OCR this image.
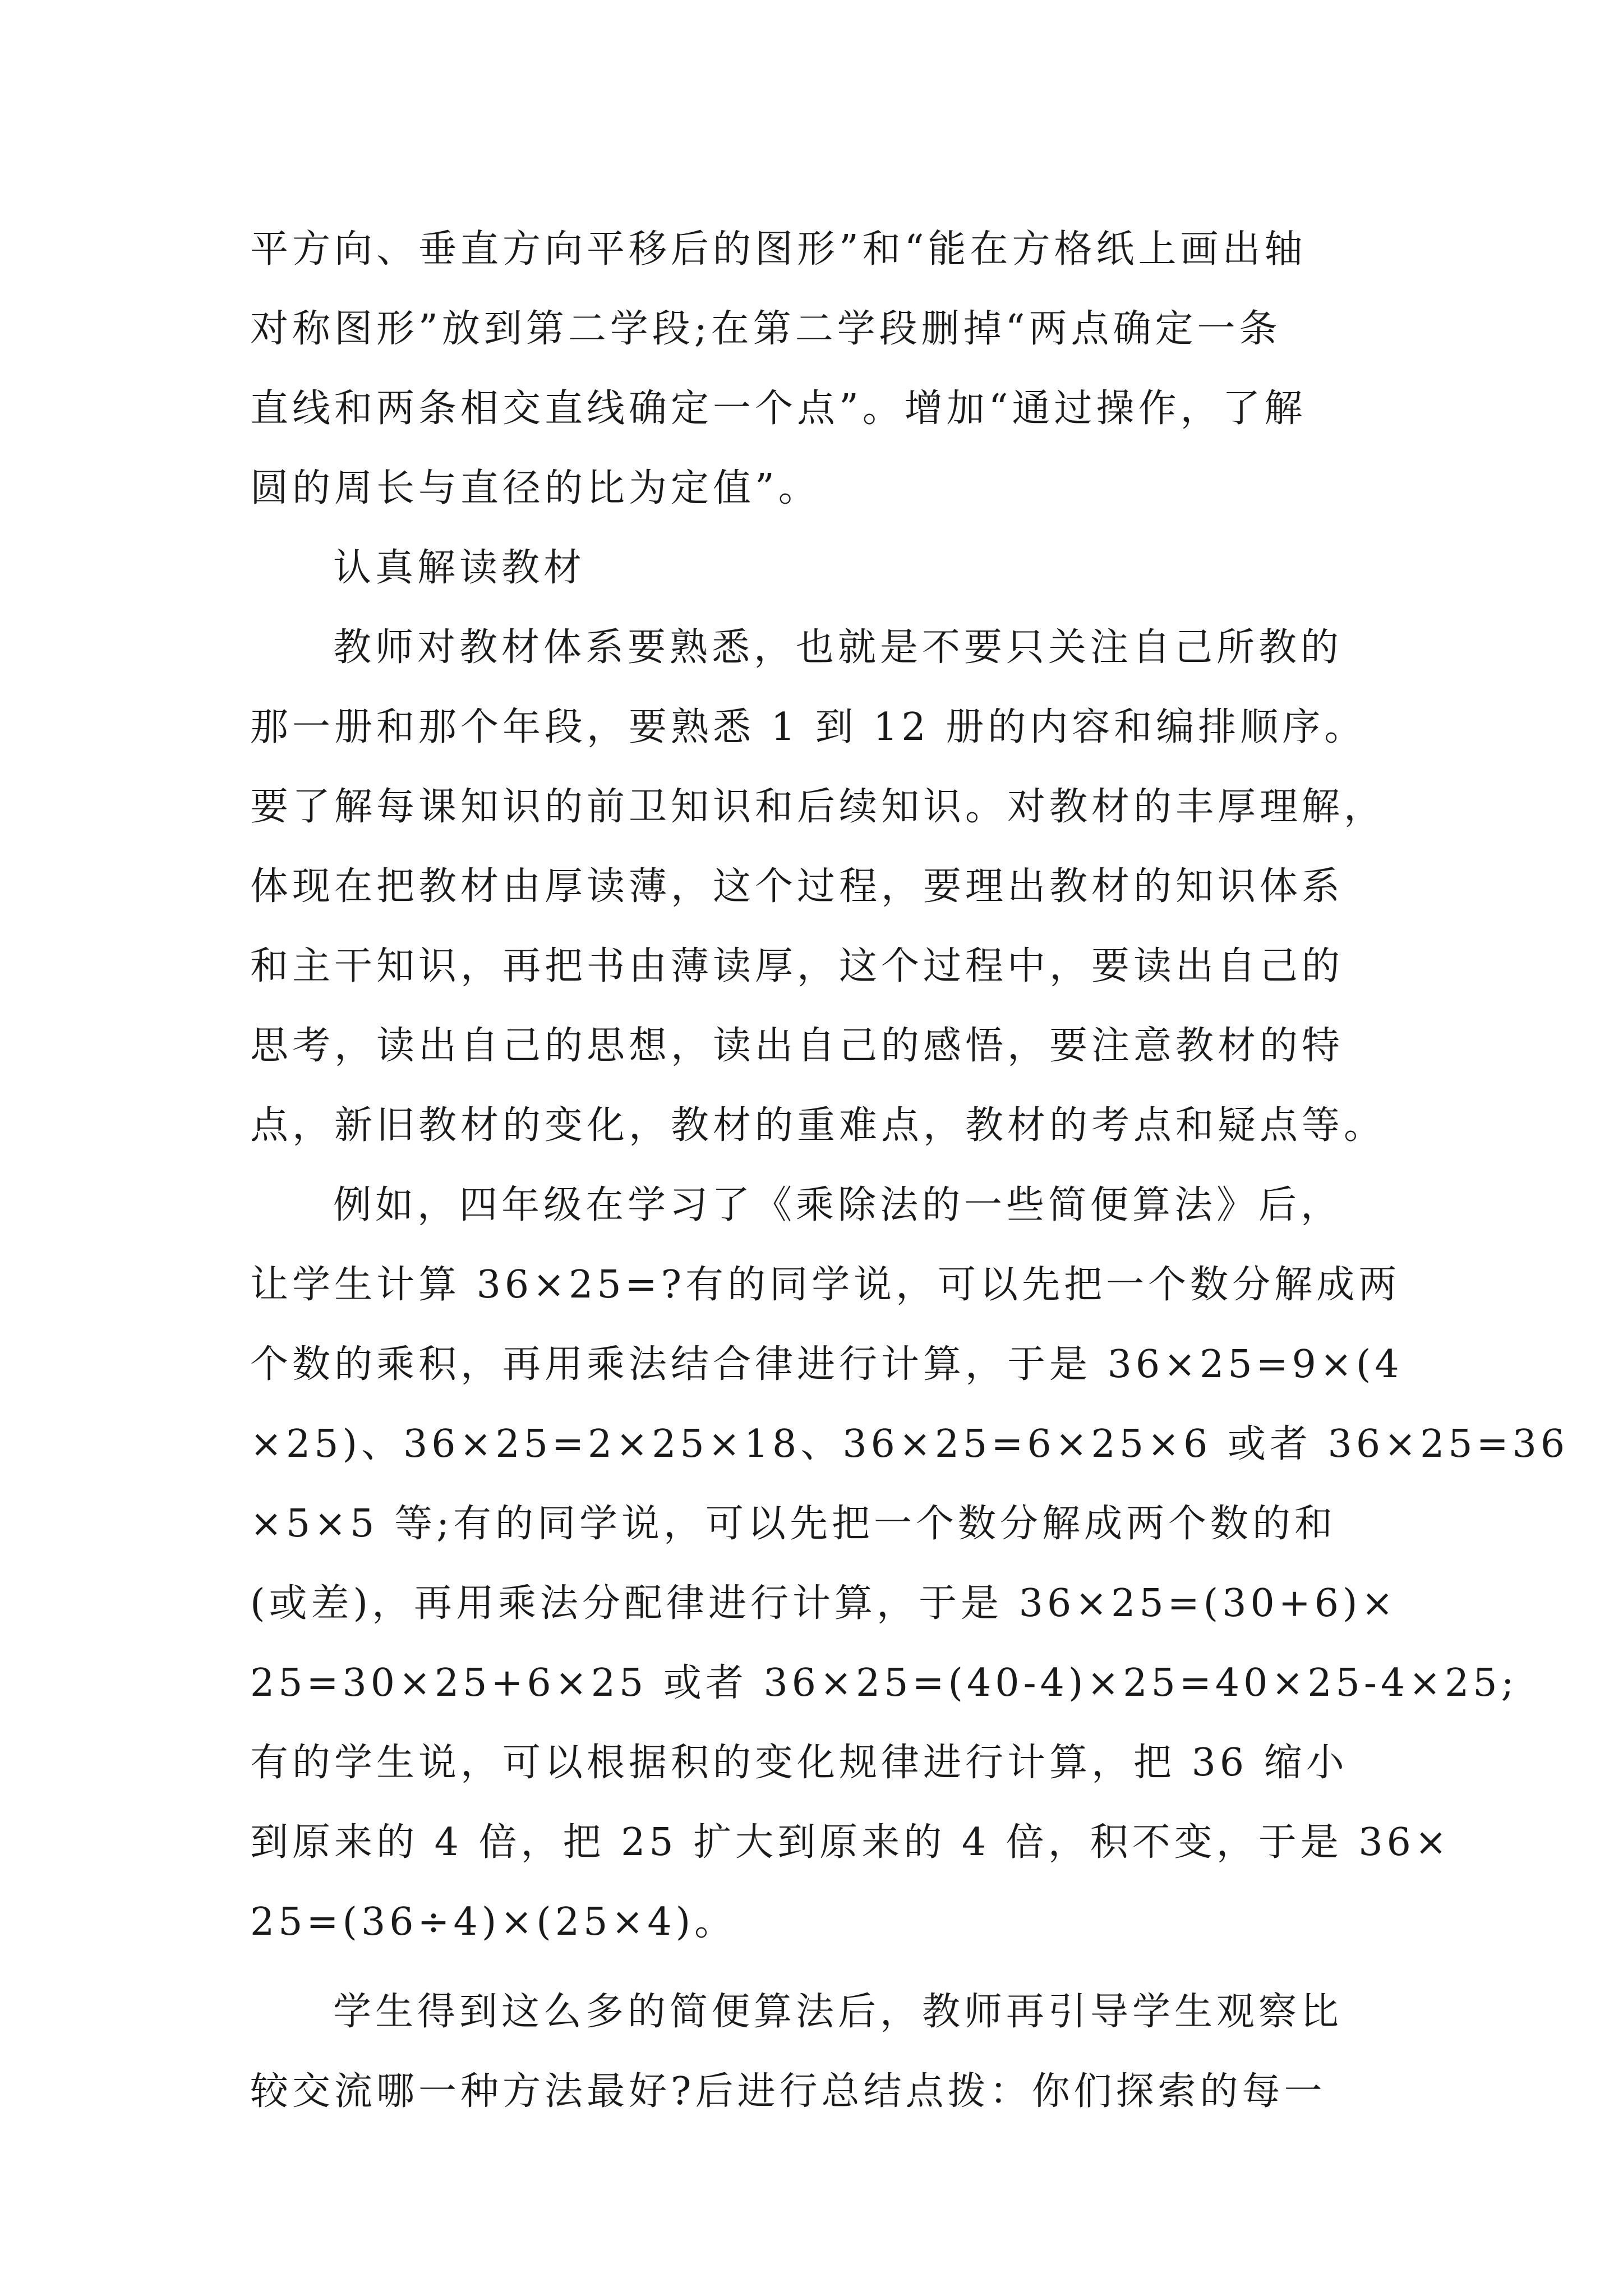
平方向、垂直方向平移后的图形”和“能在方格纸上画出轴
对称图形”放到第二学段;在第二学段删掉“两点确定一条
直线和两条相交直线确定一个点”。增加“通过操作，了解
圆的周长与直径的比为定值”。
认真解读教材
教师对教材体系要熟悉，也就是不要只关注自己所教的
那一册和那个年段，要熟悉 1 到 12 册的内容和编排顺序。
要了解每课知识的前卫知识和后续知识。对教材的丰厚理解，
体现在把教材由厚读薄，这个过程，要理出教材的知识体系
和主干知识，再把书由薄读厚，这个过程中，要读出自己的
思考，读出自己的思想，读出自己的感悟，要注意教材的特
点，新旧教材的变化，教材的重难点，教材的考点和疑点等。
例如，四年级在学习了《乘除法的一些简便算法》后，
让学生计算 36×25=?有的同学说，可以先把一个数分解成两
个数的乘积，再用乘法结合律进行计算，于是 36×25=9×(4
×25)、36×25=2×25×18、36×25=6×25×6 或者 36×25=36
×5×5 等;有的同学说，可以先把一个数分解成两个数的和
(或差)，再用乘法分配律进行计算，于是 36×25=(30+6)×
25=30×25+6×25 或者 36×25=(40-4)×25=40×25-4×25;
有的学生说，可以根据积的变化规律进行计算，把 36 缩小
到原来的 4 倍，把 25 扩大到原来的 4 倍，积不变，于是 36×
25=(36÷4)×(25×4)。
学生得到这么多的简便算法后，教师再引导学生观察比
较交流哪一种方法最好?后进行总结点拨：你们探索的每一
